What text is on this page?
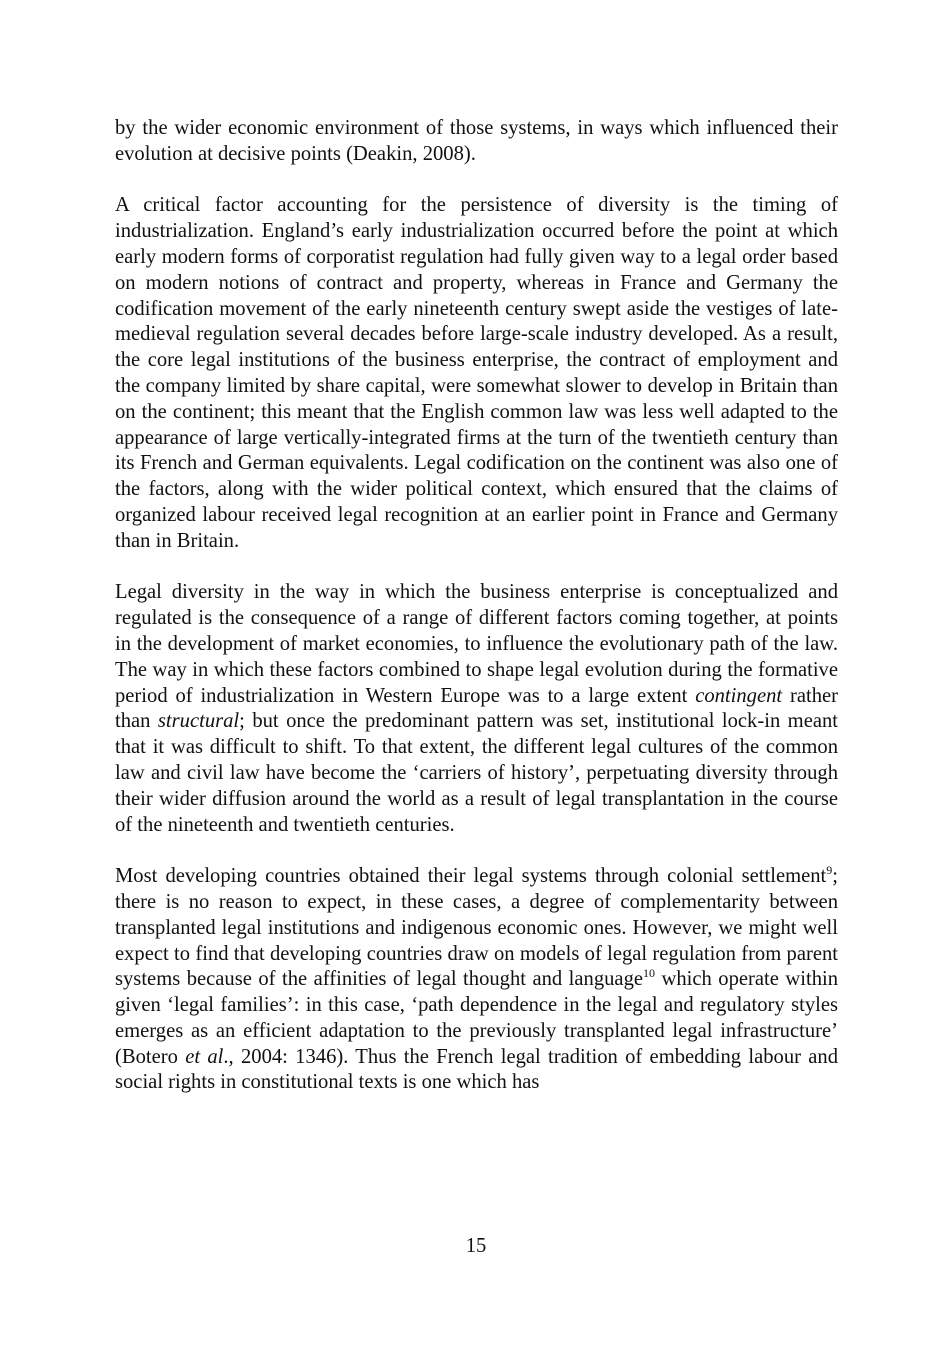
by the wider economic environment of those systems, in ways which influenced their evolution at decisive points (Deakin, 2008).

A critical factor accounting for the persistence of diversity is the timing of industrialization. England’s early industrialization occurred before the point at which early modern forms of corporatist regulation had fully given way to a legal order based on modern notions of contract and property, whereas in France and Germany the codification movement of the early nineteenth century swept aside the vestiges of late-medieval regulation several decades before large-scale industry developed. As a result, the core legal institutions of the business enterprise, the contract of employment and the company limited by share capital, were somewhat slower to develop in Britain than on the continent; this meant that the English common law was less well adapted to the appearance of large vertically-integrated firms at the turn of the twentieth century than its French and German equivalents. Legal codification on the continent was also one of the factors, along with the wider political context, which ensured that the claims of organized labour received legal recognition at an earlier point in France and Germany than in Britain.

Legal diversity in the way in which the business enterprise is conceptualized and regulated is the consequence of a range of different factors coming together, at points in the development of market economies, to influence the evolutionary path of the law. The way in which these factors combined to shape legal evolution during the formative period of industrialization in Western Europe was to a large extent contingent rather than structural; but once the predominant pattern was set, institutional lock-in meant that it was difficult to shift. To that extent, the different legal cultures of the common law and civil law have become the ‘carriers of history’, perpetuating diversity through their wider diffusion around the world as a result of legal transplantation in the course of the nineteenth and twentieth centuries.

Most developing countries obtained their legal systems through colonial settlement$^9$; there is no reason to expect, in these cases, a degree of complementarity between transplanted legal institutions and indigenous economic ones. However, we might well expect to find that developing countries draw on models of legal regulation from parent systems because of the affinities of legal thought and language$^{10}$ which operate within given ‘legal families’: in this case, ‘path dependence in the legal and regulatory styles emerges as an efficient adaptation to the previously transplanted legal infrastructure’ (Botero et al., 2004: 1346). Thus the French legal tradition of embedding labour and social rights in constitutional texts is one which has

15
